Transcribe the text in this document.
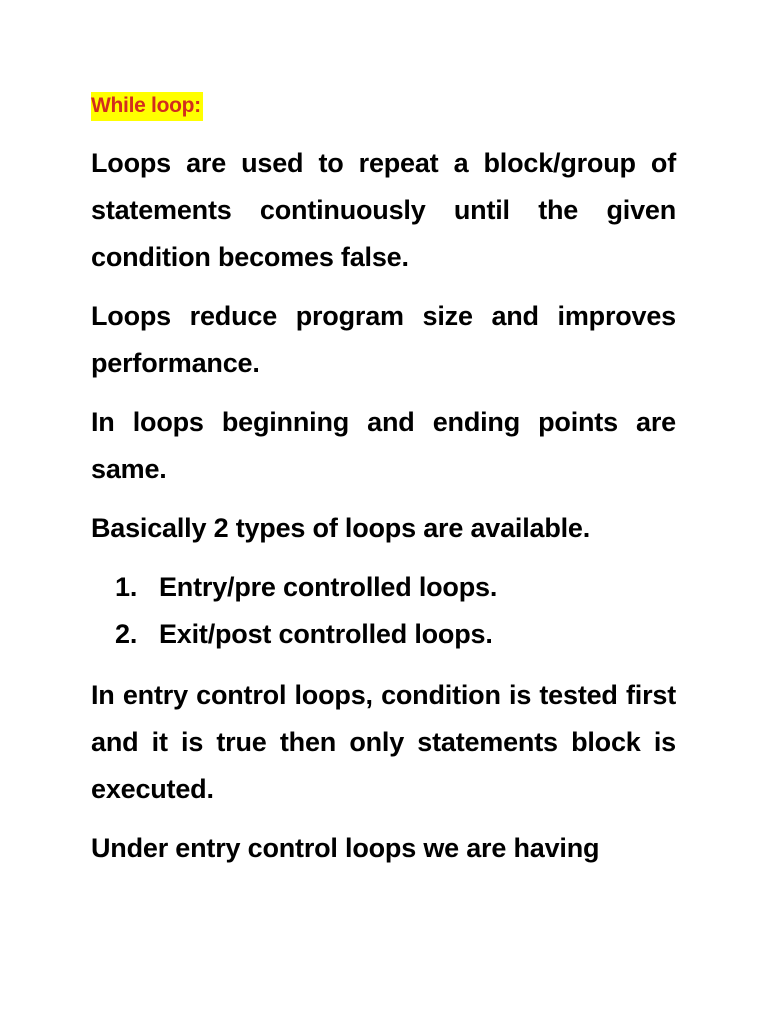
While loop:

Loops are used to repeat a block/group of statements continuously until the given condition becomes false.

Loops reduce program size and improves performance.

In loops beginning and ending points are same.

Basically 2 types of loops are available.

1. Entry/pre controlled loops.
2. Exit/post controlled loops.

In entry control loops, condition is tested first and it is true then only statements block is executed.

Under entry control loops we are having
